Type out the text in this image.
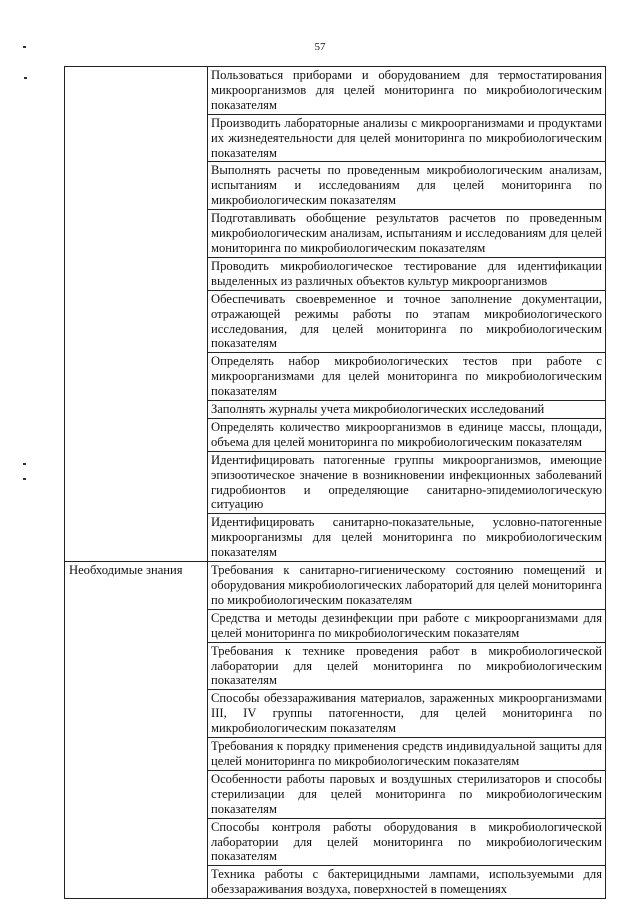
57
	Пользоваться приборами и оборудованием для термостатирования микроорганизмов для целей мониторинга по микробиологическим показателям
	Производить лабораторные анализы с микроорганизмами и продуктами их жизнедеятельности для целей мониторинга по микробиологическим показателям
	Выполнять расчеты по проведенным микробиологическим анализам, испытаниям и исследованиям для целей мониторинга по микробиологическим показателям
	Подготавливать обобщение результатов расчетов по проведенным микробиологическим анализам, испытаниям и исследованиям для целей мониторинга по микробиологическим показателям
	Проводить микробиологическое тестирование для идентификации выделенных из различных объектов культур микроорганизмов
	Обеспечивать своевременное и точное заполнение документации, отражающей режимы работы по этапам микробиологического исследования, для целей мониторинга по микробиологическим показателям
	Определять набор микробиологических тестов при работе с микроорганизмами для целей мониторинга по микробиологическим показателям
	Заполнять журналы учета микробиологических исследований
	Определять количество микроорганизмов в единице массы, площади, объема для целей мониторинга по микробиологическим показателям
	Идентифицировать патогенные группы микроорганизмов, имеющие эпизоотическое значение в возникновении инфекционных заболеваний гидробионтов и определяющие санитарно-эпидемиологическую ситуацию
	Идентифицировать санитарно-показательные, условно-патогенные микроорганизмы для целей мониторинга по микробиологическим показателям
Необходимые знания	Требования к санитарно-гигиеническому состоянию помещений и оборудования микробиологических лабораторий для целей мониторинга по микробиологическим показателям
	Средства и методы дезинфекции при работе с микроорганизмами для целей мониторинга по микробиологическим показателям
	Требования к технике проведения работ в микробиологической лаборатории для целей мониторинга по микробиологическим показателям
	Способы обеззараживания материалов, зараженных микроорганизмами III, IV группы патогенности, для целей мониторинга по микробиологическим показателям
	Требования к порядку применения средств индивидуальной защиты для целей мониторинга по микробиологическим показателям
	Особенности работы паровых и воздушных стерилизаторов и способы стерилизации для целей мониторинга по микробиологическим показателям
	Способы контроля работы оборудования в микробиологической лаборатории для целей мониторинга по микробиологическим показателям
	Техника работы с бактерицидными лампами, используемыми для обеззараживания воздуха, поверхностей в помещениях
